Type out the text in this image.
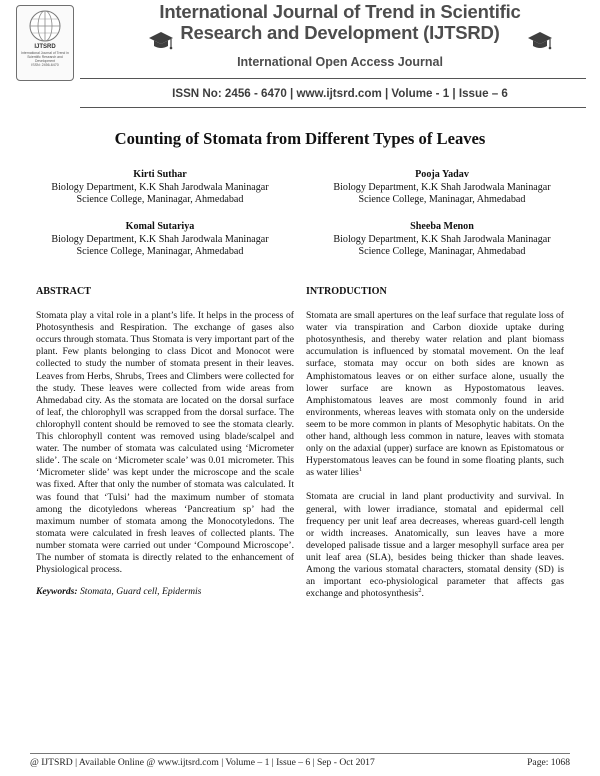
IJTSRD
International Journal of Trend in Scientific Research and Development
ISSN: 2456-6470
International Journal of Trend in Scientific
Research and Development (IJTSRD)
International Open Access Journal
ISSN No: 2456 - 6470 | www.ijtsrd.com | Volume - 1 | Issue – 6
Counting of Stomata from Different Types of Leaves
Kirti Suthar
Biology Department, K.K Shah Jarodwala Maninagar
Science College, Maninagar, Ahmedabad
Pooja Yadav
Biology Department, K.K Shah Jarodwala Maninagar
Science College, Maninagar, Ahmedabad
Komal Sutariya
Biology Department, K.K Shah Jarodwala Maninagar
Science College, Maninagar, Ahmedabad
Sheeba Menon
Biology Department, K.K Shah Jarodwala Maninagar
Science College, Maninagar, Ahmedabad
ABSTRACT

Stomata play a vital role in a plant’s life. It helps in the process of Photosynthesis and Respiration. The exchange of gases also occurs through stomata. Thus Stomata is very important part of the plant. Few plants belonging to class Dicot and Monocot were collected to study the number of stomata present in their leaves. Leaves from Herbs, Shrubs, Trees and Climbers were collected for the study. These leaves were collected from wide areas from Ahmedabad city. As the stomata are located on the dorsal surface of leaf, the chlorophyll was scrapped from the dorsal surface. The chlorophyll content should be removed to see the stomata clearly. This chlorophyll content was removed using blade/scalpel and water. The number of stomata was calculated using ‘Micrometer slide’. The scale on ‘Micrometer scale’ was 0.01 micrometer. This ‘Micrometer slide’ was kept under the microscope and the scale was fixed. After that only the number of stomata was calculated. It was found that ‘Tulsi’ had the maximum number of stomata among the dicotyledons whereas ‘Pancreatium sp’ had the maximum number of stomata among the Monocotyledons. The stomata were calculated in fresh leaves of collected plants. The number stomata were carried out under ‘Compound Microscope’. The number of stomata is directly related to the enhancement of Physiological process.

Keywords: Stomata, Guard cell, Epidermis
INTRODUCTION

Stomata are small apertures on the leaf surface that regulate loss of water via transpiration and Carbon dioxide uptake during photosynthesis, and thereby water relation and plant biomass accumulation is influenced by stomatal movement. On the leaf surface, stomata may occur on both sides are known as Amphistomatous leaves or on either surface alone, usually the lower surface are known as Hypostomatous leaves. Amphistomatous leaves are most commonly found in arid environments, whereas leaves with stomata only on the underside seem to be more common in plants of Mesophytic habitats. On the other hand, although less common in nature, leaves with stomata only on the adaxial (upper) surface are known as Epistomatous or Hyperstomatous leaves can be found in some floating plants, such as water lilies$^1$

Stomata are crucial in land plant productivity and survival. In general, with lower irradiance, stomatal and epidermal cell frequency per unit leaf area decreases, whereas guard-cell length or width increases. Anatomically, sun leaves have a more developed palisade tissue and a larger mesophyll surface area per unit leaf area (SLA), besides being thicker than shade leaves. Among the various stomatal characters, stomatal density (SD) is an important eco-physiological parameter that affects gas exchange and photosynthesis$^2$.

@ IJTSRD | Available Online @ www.ijtsrd.com | Volume – 1 | Issue – 6 | Sep - Oct 2017	Page: 1068
